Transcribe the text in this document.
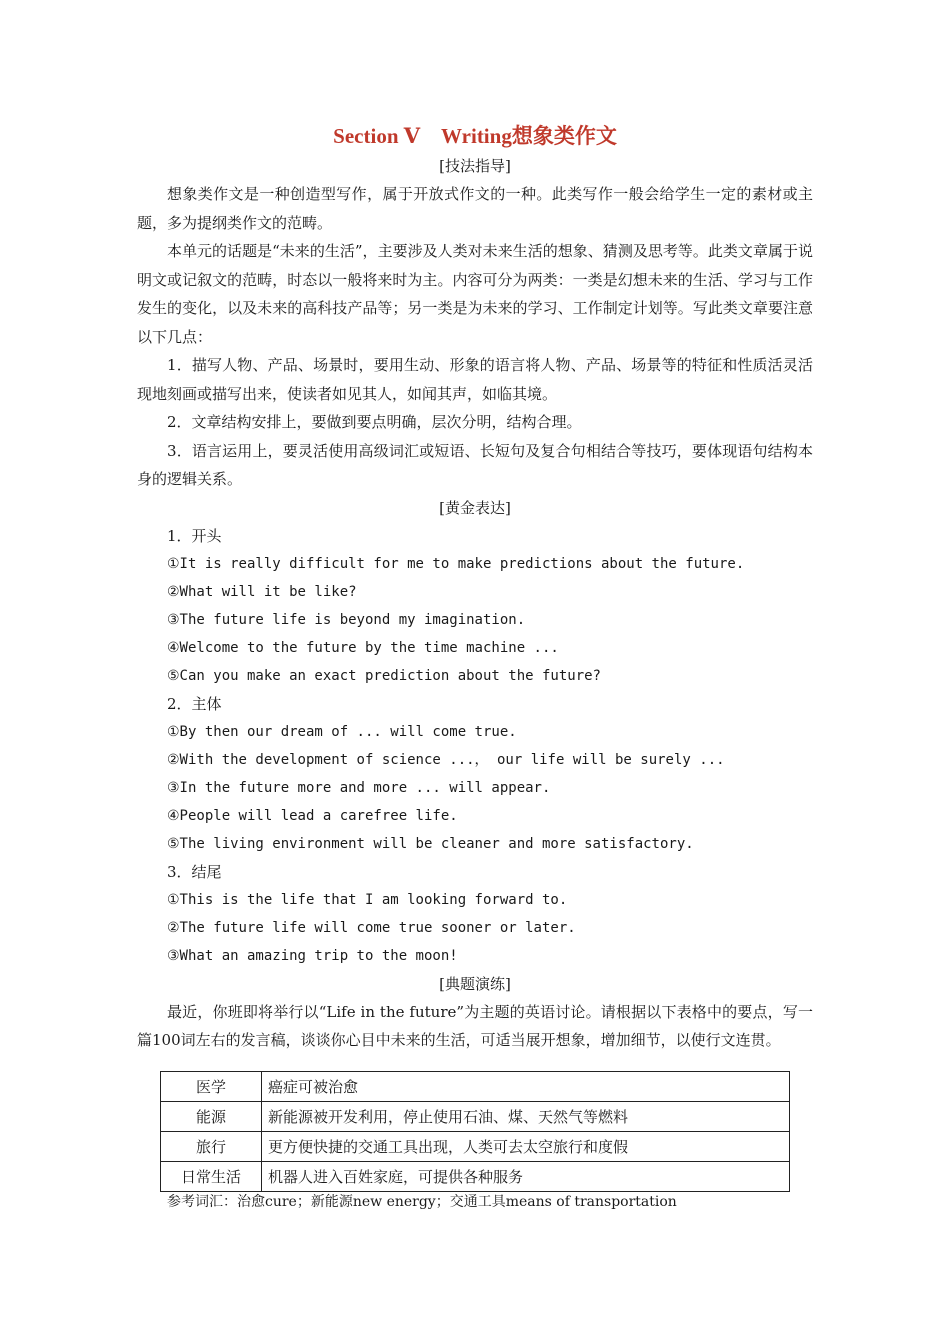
Section Ⅴ　Writing想象类作文
[技法指导]

想象类作文是一种创造型写作，属于开放式作文的一种。此类写作一般会给学生一定的素材或主题，多为提纲类作文的范畴。

本单元的话题是“未来的生活”，主要涉及人类对未来生活的想象、猜测及思考等。此类文章属于说明文或记叙文的范畴，时态以一般将来时为主。内容可分为两类：一类是幻想未来的生活、学习与工作发生的变化，以及未来的高科技产品等；另一类是为未来的学习、工作制定计划等。写此类文章要注意以下几点：

1．描写人物、产品、场景时，要用生动、形象的语言将人物、产品、场景等的特征和性质活灵活现地刻画或描写出来，使读者如见其人，如闻其声，如临其境。

2．文章结构安排上，要做到要点明确，层次分明，结构合理。

3．语言运用上，要灵活使用高级词汇或短语、长短句及复合句相结合等技巧，要体现语句结构本身的逻辑关系。

[黄金表达]
1．开头
①It is really difficult for me to make predictions about the future.
②What will it be like?
③The future life is beyond my imagination.
④Welcome to the future by the time machine ...
⑤Can you make an exact prediction about the future?
2．主体
①By then our dream of ... will come true.
②With the development of science ...， our life will be surely ...
③In the future more and more ... will appear.
④People will lead a carefree life.
⑤The living environment will be cleaner and more satisfactory.
3．结尾
①This is the life that I am looking forward to.
②The future life will come true sooner or later.
③What an amazing trip to the moon!
[典题演练]

最近，你班即将举行以“Life in the future”为主题的英语讨论。请根据以下表格中的要点，写一篇100词左右的发言稿，谈谈你心目中未来的生活，可适当展开想象，增加细节，以使行文连贯。

医学	癌症可被治愈
能源	新能源被开发利用，停止使用石油、煤、天然气等燃料
旅行	更方便快捷的交通工具出现，人类可去太空旅行和度假
日常生活	机器人进入百姓家庭，可提供各种服务
参考词汇：治愈cure；新能源new energy；交通工具means of transportation
